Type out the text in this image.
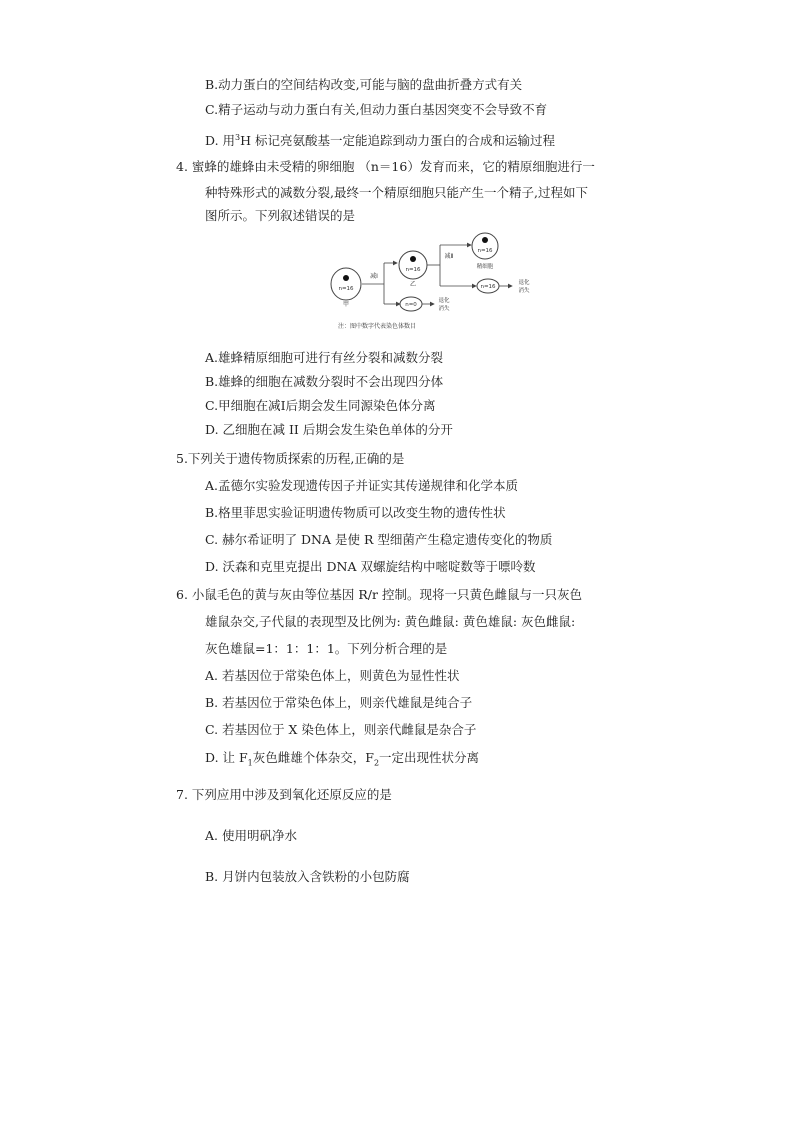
B.动力蛋白的空间结构改变,可能与脑的盘曲折叠方式有关
C.精子运动与动力蛋白有关,但动力蛋白基因突变不会导致不育
D. 用$^3$H 标记亮氨酸基一定能追踪到动力蛋白的合成和运输过程
4. 蜜蜂的雄蜂由未受精的卵细胞 （n＝16）发育而来，它的精原细胞进行一
种特殊形式的减数分裂,最终一个精原细胞只能产生一个精子,过程如下
图所示。下列叙述错误的是
n=16
甲
减Ⅰ
n=16
乙
n=0
退化
消失
减Ⅱ
n=16
精细胞
n=16
退化
消失
注：图中数字代表染色体数目
A.雄蜂精原细胞可进行有丝分裂和减数分裂
B.雄蜂的细胞在减数分裂时不会出现四分体
C.甲细胞在减Ⅰ后期会发生同源染色体分离
D. 乙细胞在减 II 后期会发生染色单体的分开
5.下列关于遗传物质探索的历程,正确的是
A.孟德尔实验发现遗传因子并证实其传递规律和化学本质
B.格里菲思实验证明遗传物质可以改变生物的遗传性状
C. 赫尔希证明了 DNA 是使 R 型细菌产生稳定遗传变化的物质
D. 沃森和克里克提出 DNA 双螺旋结构中嘧啶数等于嘌呤数
6. 小鼠毛色的黄与灰由等位基因 R/r 控制。现将一只黄色雌鼠与一只灰色
雄鼠杂交,子代鼠的表现型及比例为: 黄色雌鼠: 黄色雄鼠: 灰色雌鼠:
灰色雄鼠=1：1：1：1。下列分析合理的是
A. 若基因位于常染色体上，则黄色为显性性状
B. 若基因位于常染色体上，则亲代雄鼠是纯合子
C. 若基因位于 X 染色体上，则亲代雌鼠是杂合子
D. 让 $F_1$灰色雌雄个体杂交，$F_2$一定出现性状分离
7. 下列应用中涉及到氧化还原反应的是
A. 使用明矾净水
B. 月饼内包装放入含铁粉的小包防腐
